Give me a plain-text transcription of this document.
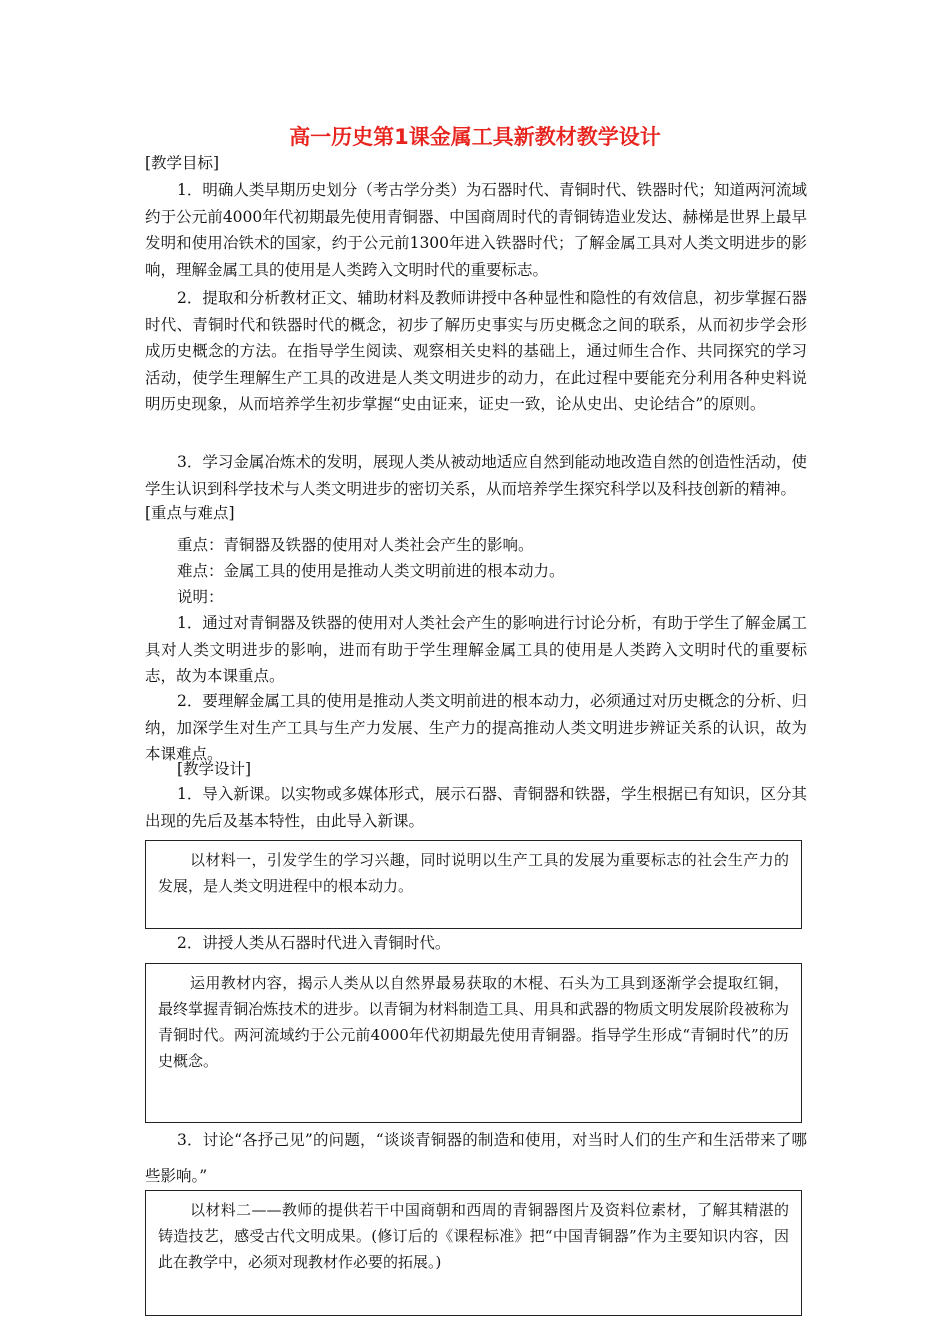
高一历史第1课金属工具新教材教学设计

[教学目标]

1．明确人类早期历史划分（考古学分类）为石器时代、青铜时代、铁器时代；知道两河流域约于公元前4000年代初期最先使用青铜器、中国商周时代的青铜铸造业发达、赫梯是世界上最早发明和使用冶铁术的国家，约于公元前1300年进入铁器时代；了解金属工具对人类文明进步的影响，理解金属工具的使用是人类跨入文明时代的重要标志。

2．提取和分析教材正文、辅助材料及教师讲授中各种显性和隐性的有效信息，初步掌握石器时代、青铜时代和铁器时代的概念，初步了解历史事实与历史概念之间的联系，从而初步学会形成历史概念的方法。在指导学生阅读、观察相关史料的基础上，通过师生合作、共同探究的学习活动，使学生理解生产工具的改进是人类文明进步的动力，在此过程中要能充分利用各种史料说明历史现象，从而培养学生初步掌握“史由证来，证史一致，论从史出、史论结合”的原则。

3．学习金属冶炼术的发明，展现人类从被动地适应自然到能动地改造自然的创造性活动，使学生认识到科学技术与人类文明进步的密切关系，从而培养学生探究科学以及科技创新的精神。

[重点与难点]

重点：青铜器及铁器的使用对人类社会产生的影响。

难点：金属工具的使用是推动人类文明前进的根本动力。

说明：

1．通过对青铜器及铁器的使用对人类社会产生的影响进行讨论分析，有助于学生了解金属工具对人类文明进步的影响，进而有助于学生理解金属工具的使用是人类跨入文明时代的重要标志，故为本课重点。

2．要理解金属工具的使用是推动人类文明前进的根本动力，必须通过对历史概念的分析、归纳，加深学生对生产工具与生产力发展、生产力的提高推动人类文明进步辨证关系的认识，故为本课难点。

[教学设计]

1．导入新课。以实物或多媒体形式，展示石器、青铜器和铁器，学生根据已有知识，区分其出现的先后及基本特性，由此导入新课。

以材料一，引发学生的学习兴趣，同时说明以生产工具的发展为重要标志的社会生产力的发展，是人类文明进程中的根本动力。

2．讲授人类从石器时代进入青铜时代。

运用教材内容，揭示人类从以自然界最易获取的木棍、石头为工具到逐渐学会提取红铜，最终掌握青铜冶炼技术的进步。以青铜为材料制造工具、用具和武器的物质文明发展阶段被称为青铜时代。两河流域约于公元前4000年代初期最先使用青铜器。指导学生形成“青铜时代”的历史概念。

3．讨论“各抒己见”的问题，“谈谈青铜器的制造和使用，对当时人们的生产和生活带来了哪些影响。”

以材料二——教师的提供若干中国商朝和西周的青铜器图片及资料位素材，了解其精湛的铸造技艺，感受古代文明成果。(修订后的《课程标准》把“中国青铜器”作为主要知识内容，因此在教学中，必须对现教材作必要的拓展。)
